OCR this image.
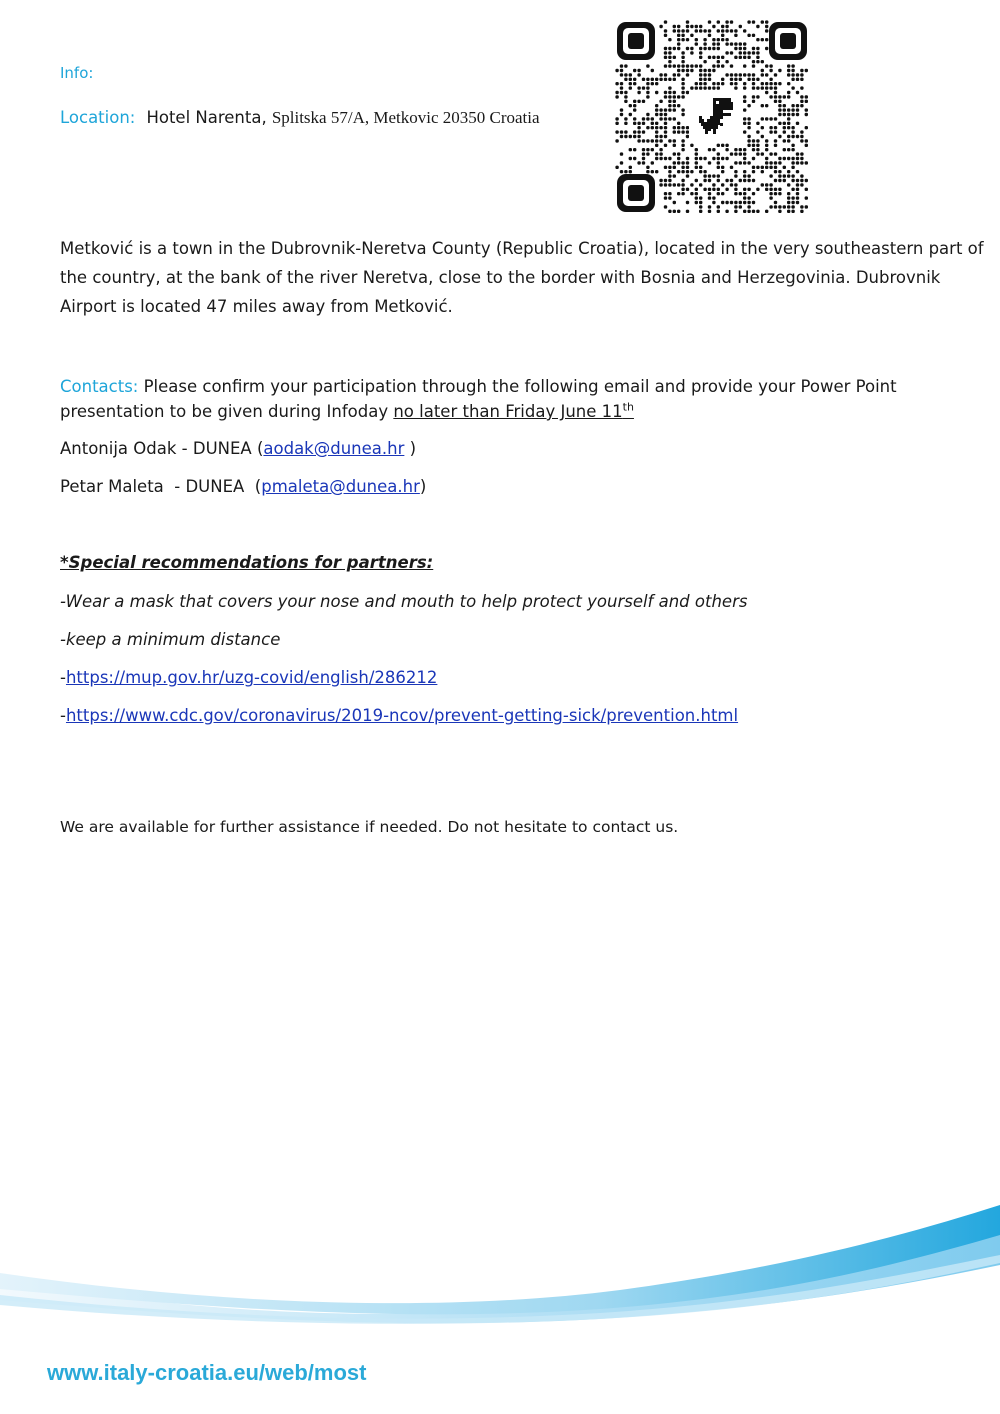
Info:
Location: Hotel Narenta, Splitska 57/A, Metkovic 20350 Croatia
Metković is a town in the Dubrovnik-Neretva County (Republic Croatia), located in the very southeastern part of the country, at the bank of the river Neretva, close to the border with Bosnia and Herzegovinia. Dubrovnik Airport is located 47 miles away from Metković.
Contacts: Please confirm your participation through the following email and provide your Power Point presentation to be given during Infoday no later than Friday June 11th
Antonija Odak - DUNEA (aodak@dunea.hr )
Petar Maleta  - DUNEA  (pmaleta@dunea.hr)
*Special recommendations for partners:
-Wear a mask that covers your nose and mouth to help protect yourself and others
-keep a minimum distance
-https://mup.gov.hr/uzg-covid/english/286212
-https://www.cdc.gov/coronavirus/2019-ncov/prevent-getting-sick/prevention.html
We are available for further assistance if needed. Do not hesitate to contact us.
www.italy-croatia.eu/web/most
